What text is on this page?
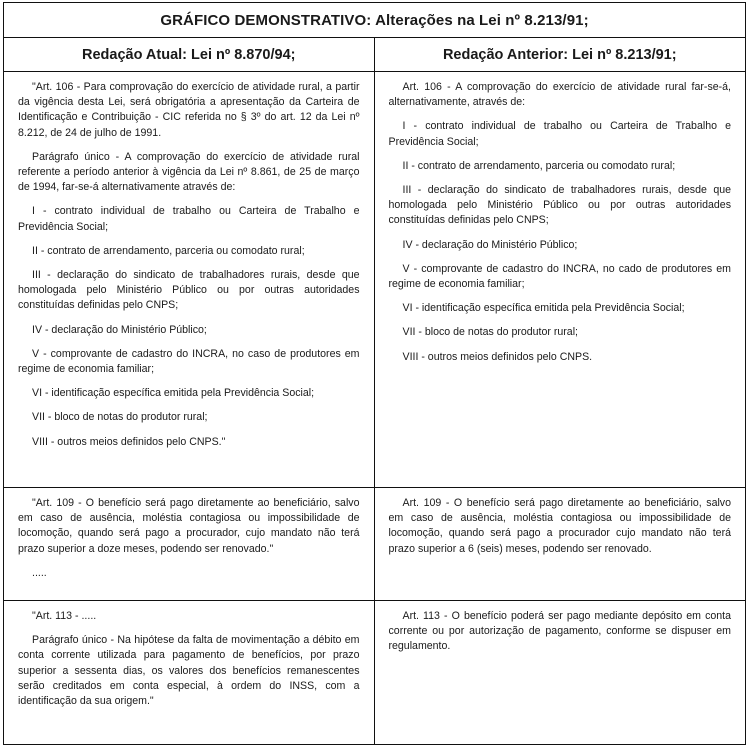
GRÁFICO DEMONSTRATIVO: Alterações na Lei nº 8.213/91;
Redação Atual: Lei nº 8.870/94;	Redação Anterior: Lei nº 8.213/91;

"Art. 106 - Para comprovação do exercício de atividade rural, a partir da vigência desta Lei, será obrigatória a apresentação da Carteira de Identificação e Contribuição - CIC referida no § 3º do art. 12 da Lei nº 8.212, de 24 de julho de 1991.

Parágrafo único - A comprovação do exercício de atividade rural referente a período anterior à vigência da Lei nº 8.861, de 25 de março de 1994, far-se-á alternativamente através de:

I - contrato individual de trabalho ou Carteira de Trabalho e Previdência Social;

II - contrato de arrendamento, parceria ou comodato rural;

III - declaração do sindicato de trabalhadores rurais, desde que homologada pelo Ministério Público ou por outras autoridades constituídas definidas pelo CNPS;

IV - declaração do Ministério Público;

V - comprovante de cadastro do INCRA, no caso de produtores em regime de economia familiar;

VI - identificação específica emitida pela Previdência Social;

VII - bloco de notas do produtor rural;

VIII - outros meios definidos pelo CNPS."

Art. 106 - A comprovação do exercício de atividade rural far-se-á, alternativamente, através de:

I - contrato individual de trabalho ou Carteira de Trabalho e Previdência Social;

II - contrato de arrendamento, parceria ou comodato rural;

III - declaração do sindicato de trabalhadores rurais, desde que homologada pelo Ministério Público ou por outras autoridades constituídas definidas pelo CNPS;

IV - declaração do Ministério Público;

V - comprovante de cadastro do INCRA, no cado de produtores em regime de economia familiar;

VI - identificação específica emitida pela Previdência Social;

VII - bloco de notas do produtor rural;

VIII - outros meios definidos pelo CNPS.

"Art. 109 - O benefício será pago diretamente ao beneficiário, salvo em caso de ausência, moléstia contagiosa ou impossibilidade de locomoção, quando será pago a procurador, cujo mandato não terá prazo superior a doze meses, podendo ser renovado."

.....

Art. 109 - O benefício será pago diretamente ao beneficiário, salvo em caso de ausência, moléstia contagiosa ou impossibilidade de locomoção, quando será pago a procurador cujo mandato não terá prazo superior a 6 (seis) meses, podendo ser renovado.

"Art. 113 - .....

Parágrafo único - Na hipótese da falta de movimentação a débito em conta corrente utilizada para pagamento de benefícios, por prazo superior a sessenta dias, os valores dos benefícios remanescentes serão creditados em conta especial, à ordem do INSS, com a identificação da sua origem."

Art. 113 - O benefício poderá ser pago mediante depósito em conta corrente ou por autorização de pagamento, conforme se dispuser em regulamento.
